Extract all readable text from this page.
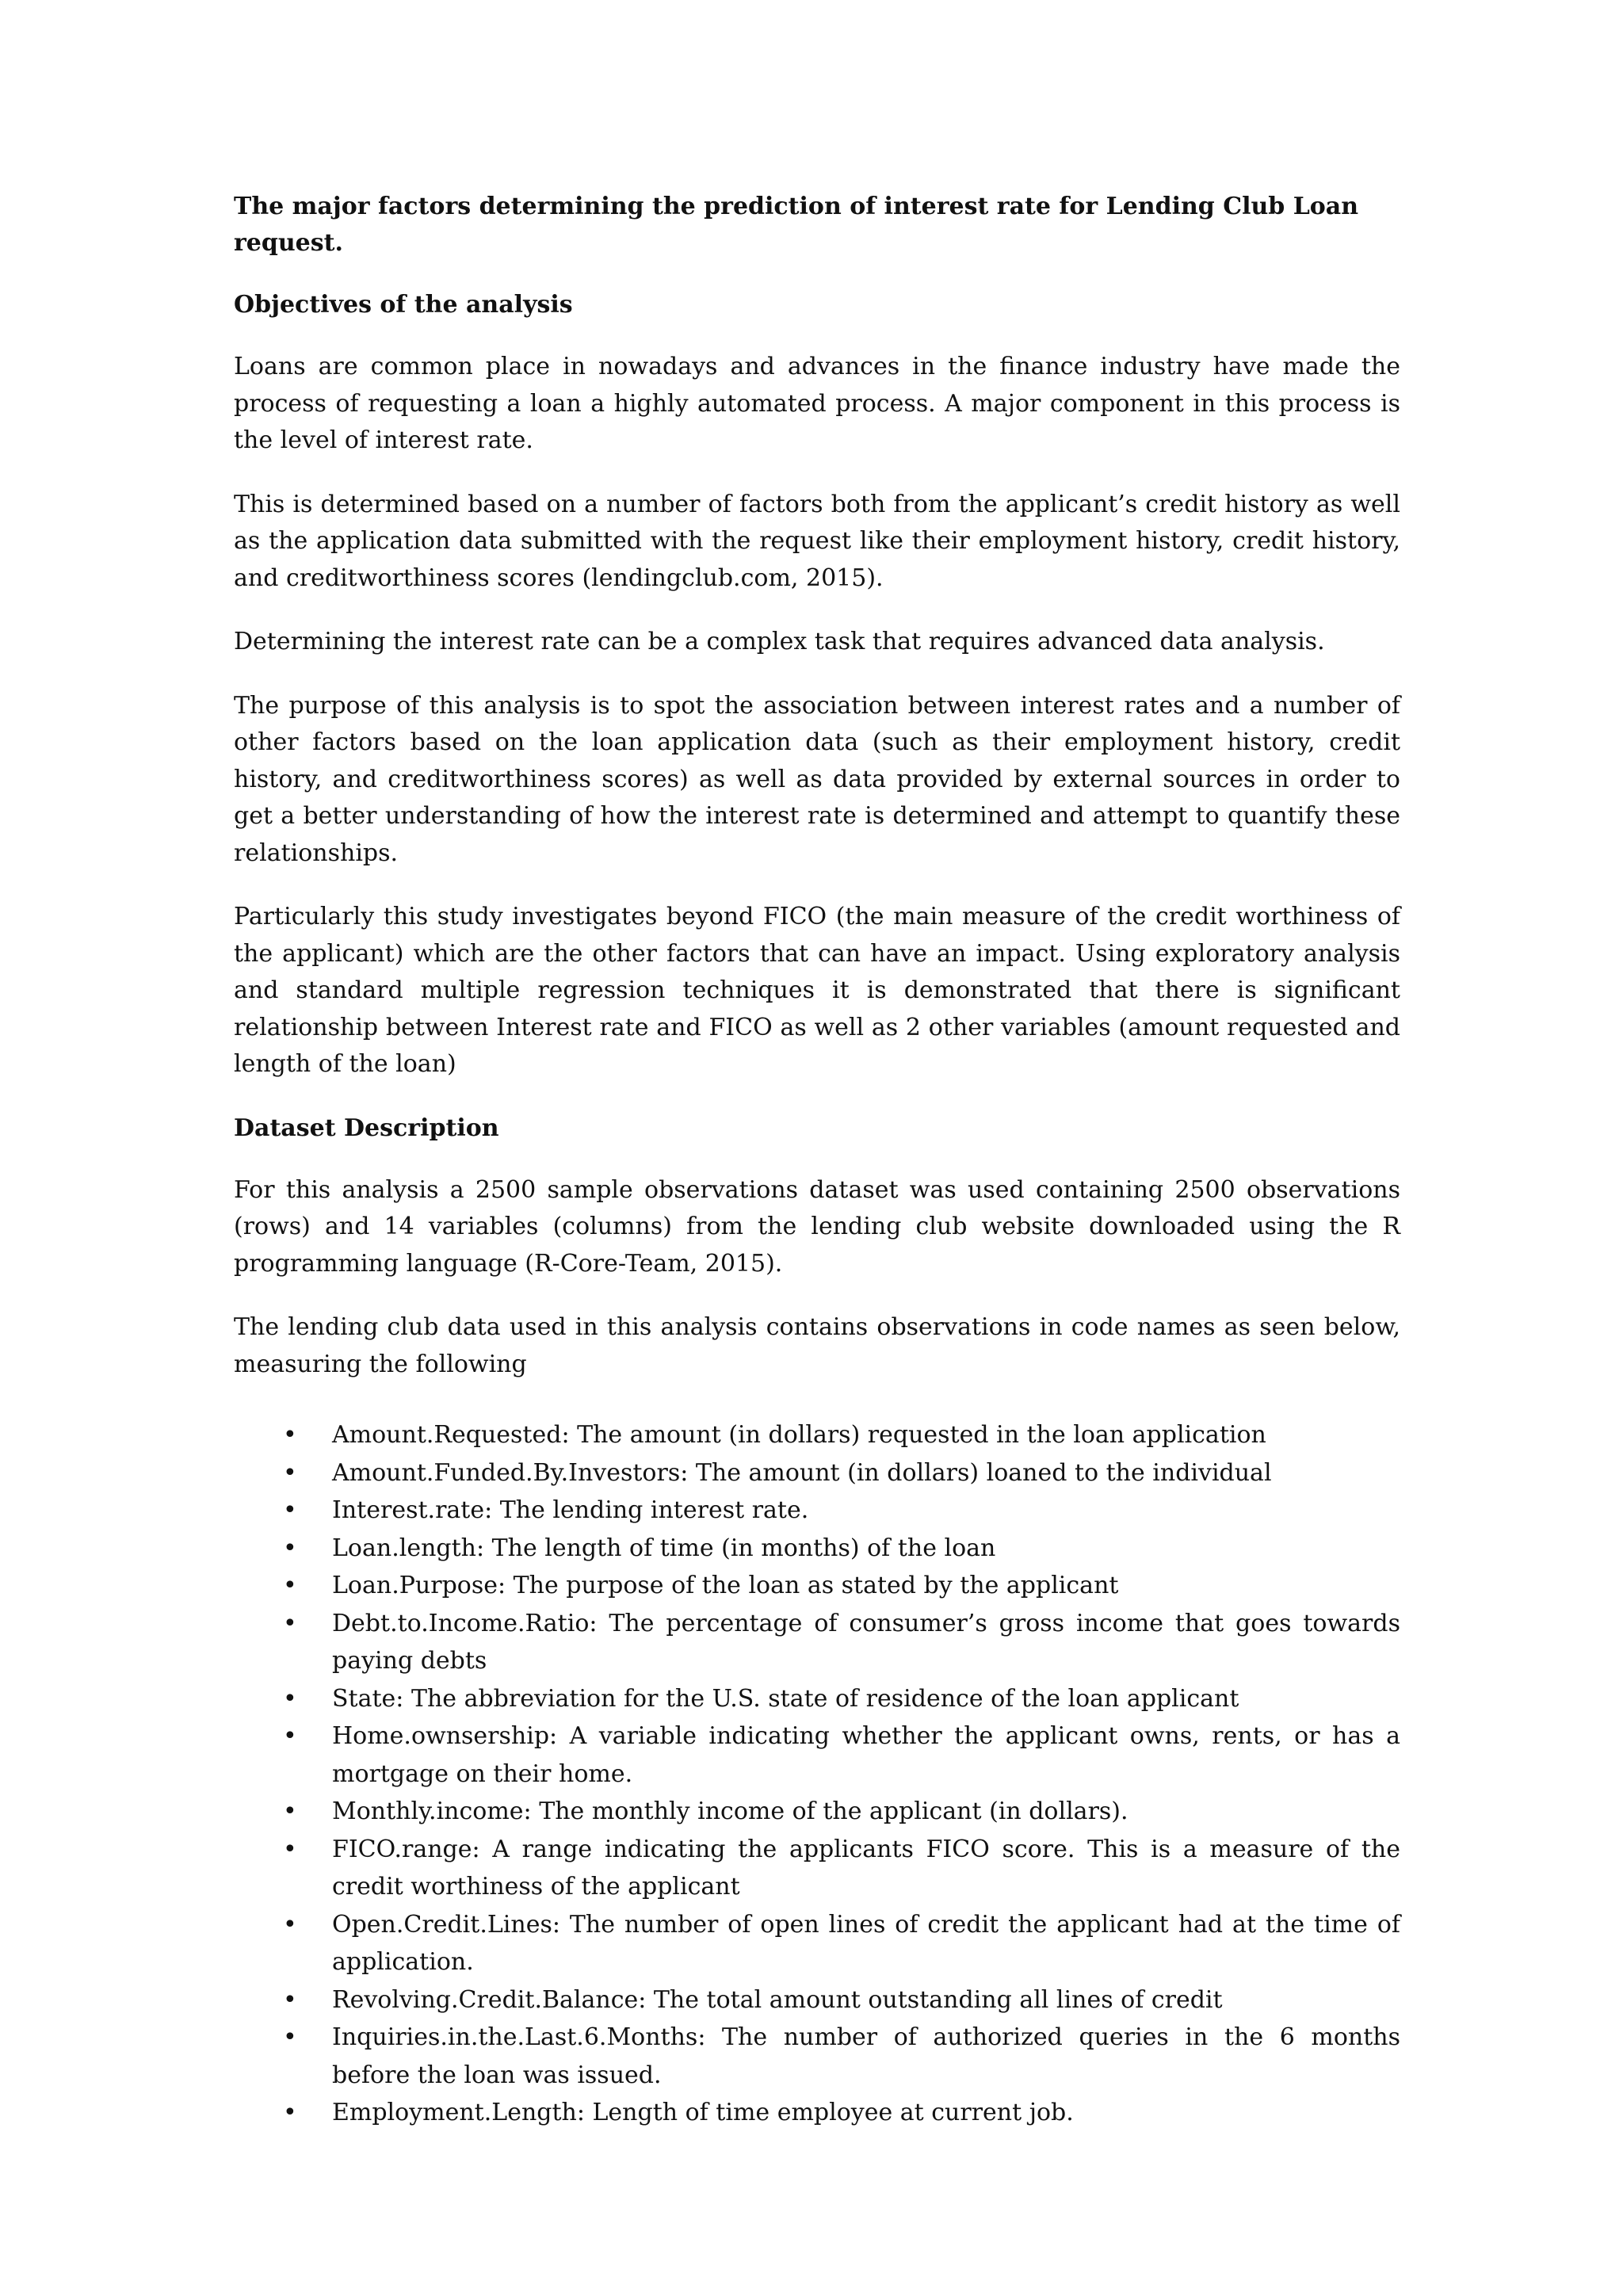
The major factors determining the prediction of interest rate for Lending Club Loan request.
Objectives of the analysis

Loans are common place in nowadays and advances in the finance industry have made the process of requesting a loan a highly automated process. A major component in this process is the level of interest rate.

This is determined based on a number of factors both from the applicant’s credit history as well as the application data submitted with the request like their employment history, credit history, and creditworthiness scores (lendingclub.com, 2015).

Determining the interest rate can be a complex task that requires advanced data analysis.

The purpose of this analysis is to spot the association between interest rates and a number of other factors based on the loan application data (such as their employment history, credit history, and creditworthiness scores) as well as data provided by external sources in order to get a better understanding of how the interest rate is determined and attempt to quantify these relationships.

Particularly this study investigates beyond FICO (the main measure of the credit worthiness of the applicant) which are the other factors that can have an impact. Using exploratory analysis and standard multiple regression techniques it is demonstrated that there is significant relationship between Interest rate and FICO as well as 2 other variables (amount requested and length of the loan)

Dataset Description

For this analysis a 2500 sample observations dataset was used containing 2500 observations (rows) and 14 variables (columns) from the lending club website downloaded using the R programming language (R-Core-Team, 2015).

The lending club data used in this analysis contains observations in code names as seen below, measuring the following

• Amount.Requested: The amount (in dollars) requested in the loan application
• Amount.Funded.By.Investors: The amount (in dollars) loaned to the individual
• Interest.rate: The lending interest rate.
• Loan.length: The length of time (in months) of the loan
• Loan.Purpose: The purpose of the loan as stated by the applicant
• Debt.to.Income.Ratio: The percentage of consumer’s gross income that goes towards paying debts
• State: The abbreviation for the U.S. state of residence of the loan applicant
• Home.ownsership: A variable indicating whether the applicant owns, rents, or has a mortgage on their home.
• Monthly.income: The monthly income of the applicant (in dollars).
• FICO.range: A range indicating the applicants FICO score. This is a measure of the credit worthiness of the applicant
• Open.Credit.Lines: The number of open lines of credit the applicant had at the time of application.
• Revolving.Credit.Balance: The total amount outstanding all lines of credit
• Inquiries.in.the.Last.6.Months: The number of authorized queries in the 6 months before the loan was issued.
• Employment.Length: Length of time employee at current job.
